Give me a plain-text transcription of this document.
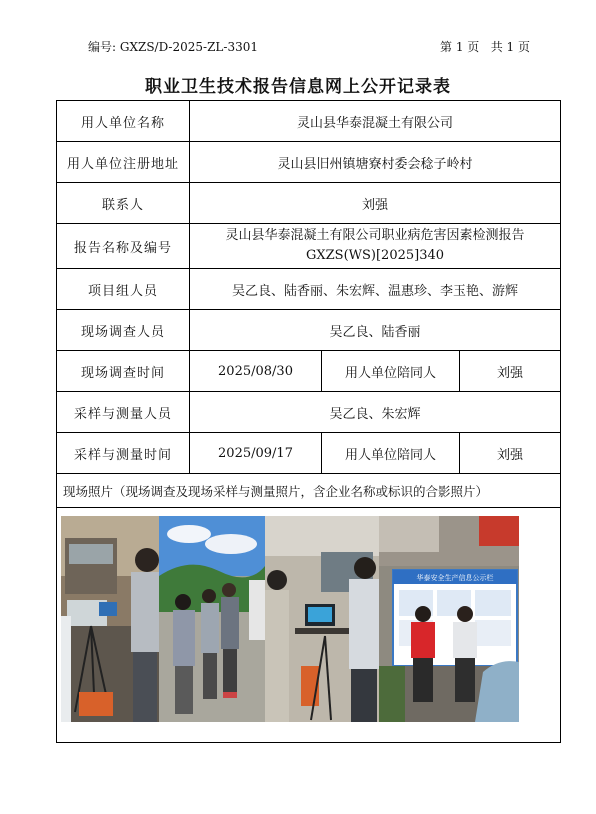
编号: GXZS/D-2025-ZL-3301	第 1 页   共 1 页
职业卫生技术报告信息网上公开记录表
用人单位名称	灵山县华泰混凝土有限公司		
用人单位注册地址	灵山县旧州镇塘寮村委会稔子岭村		
联系人	刘强		
报告名称及编号	灵山县华泰混凝土有限公司职业病危害因素检测报告
GXZS(WS)[2025]340		

项目组人员	吴乙良、陆香丽、朱宏辉、温惠珍、李玉艳、游辉		
现场调查人员	吴乙良、陆香丽		
现场调查时间	2025/08/30	用人单位陪同人	刘强
采样与测量人员	吴乙良、朱宏辉		
采样与测量时间	2025/09/17	用人单位陪同人	刘强
现场照片（现场调查及现场采样与测量照片，含企业名称或标识的合影照片）			

华泰安全生产信息公示栏			
